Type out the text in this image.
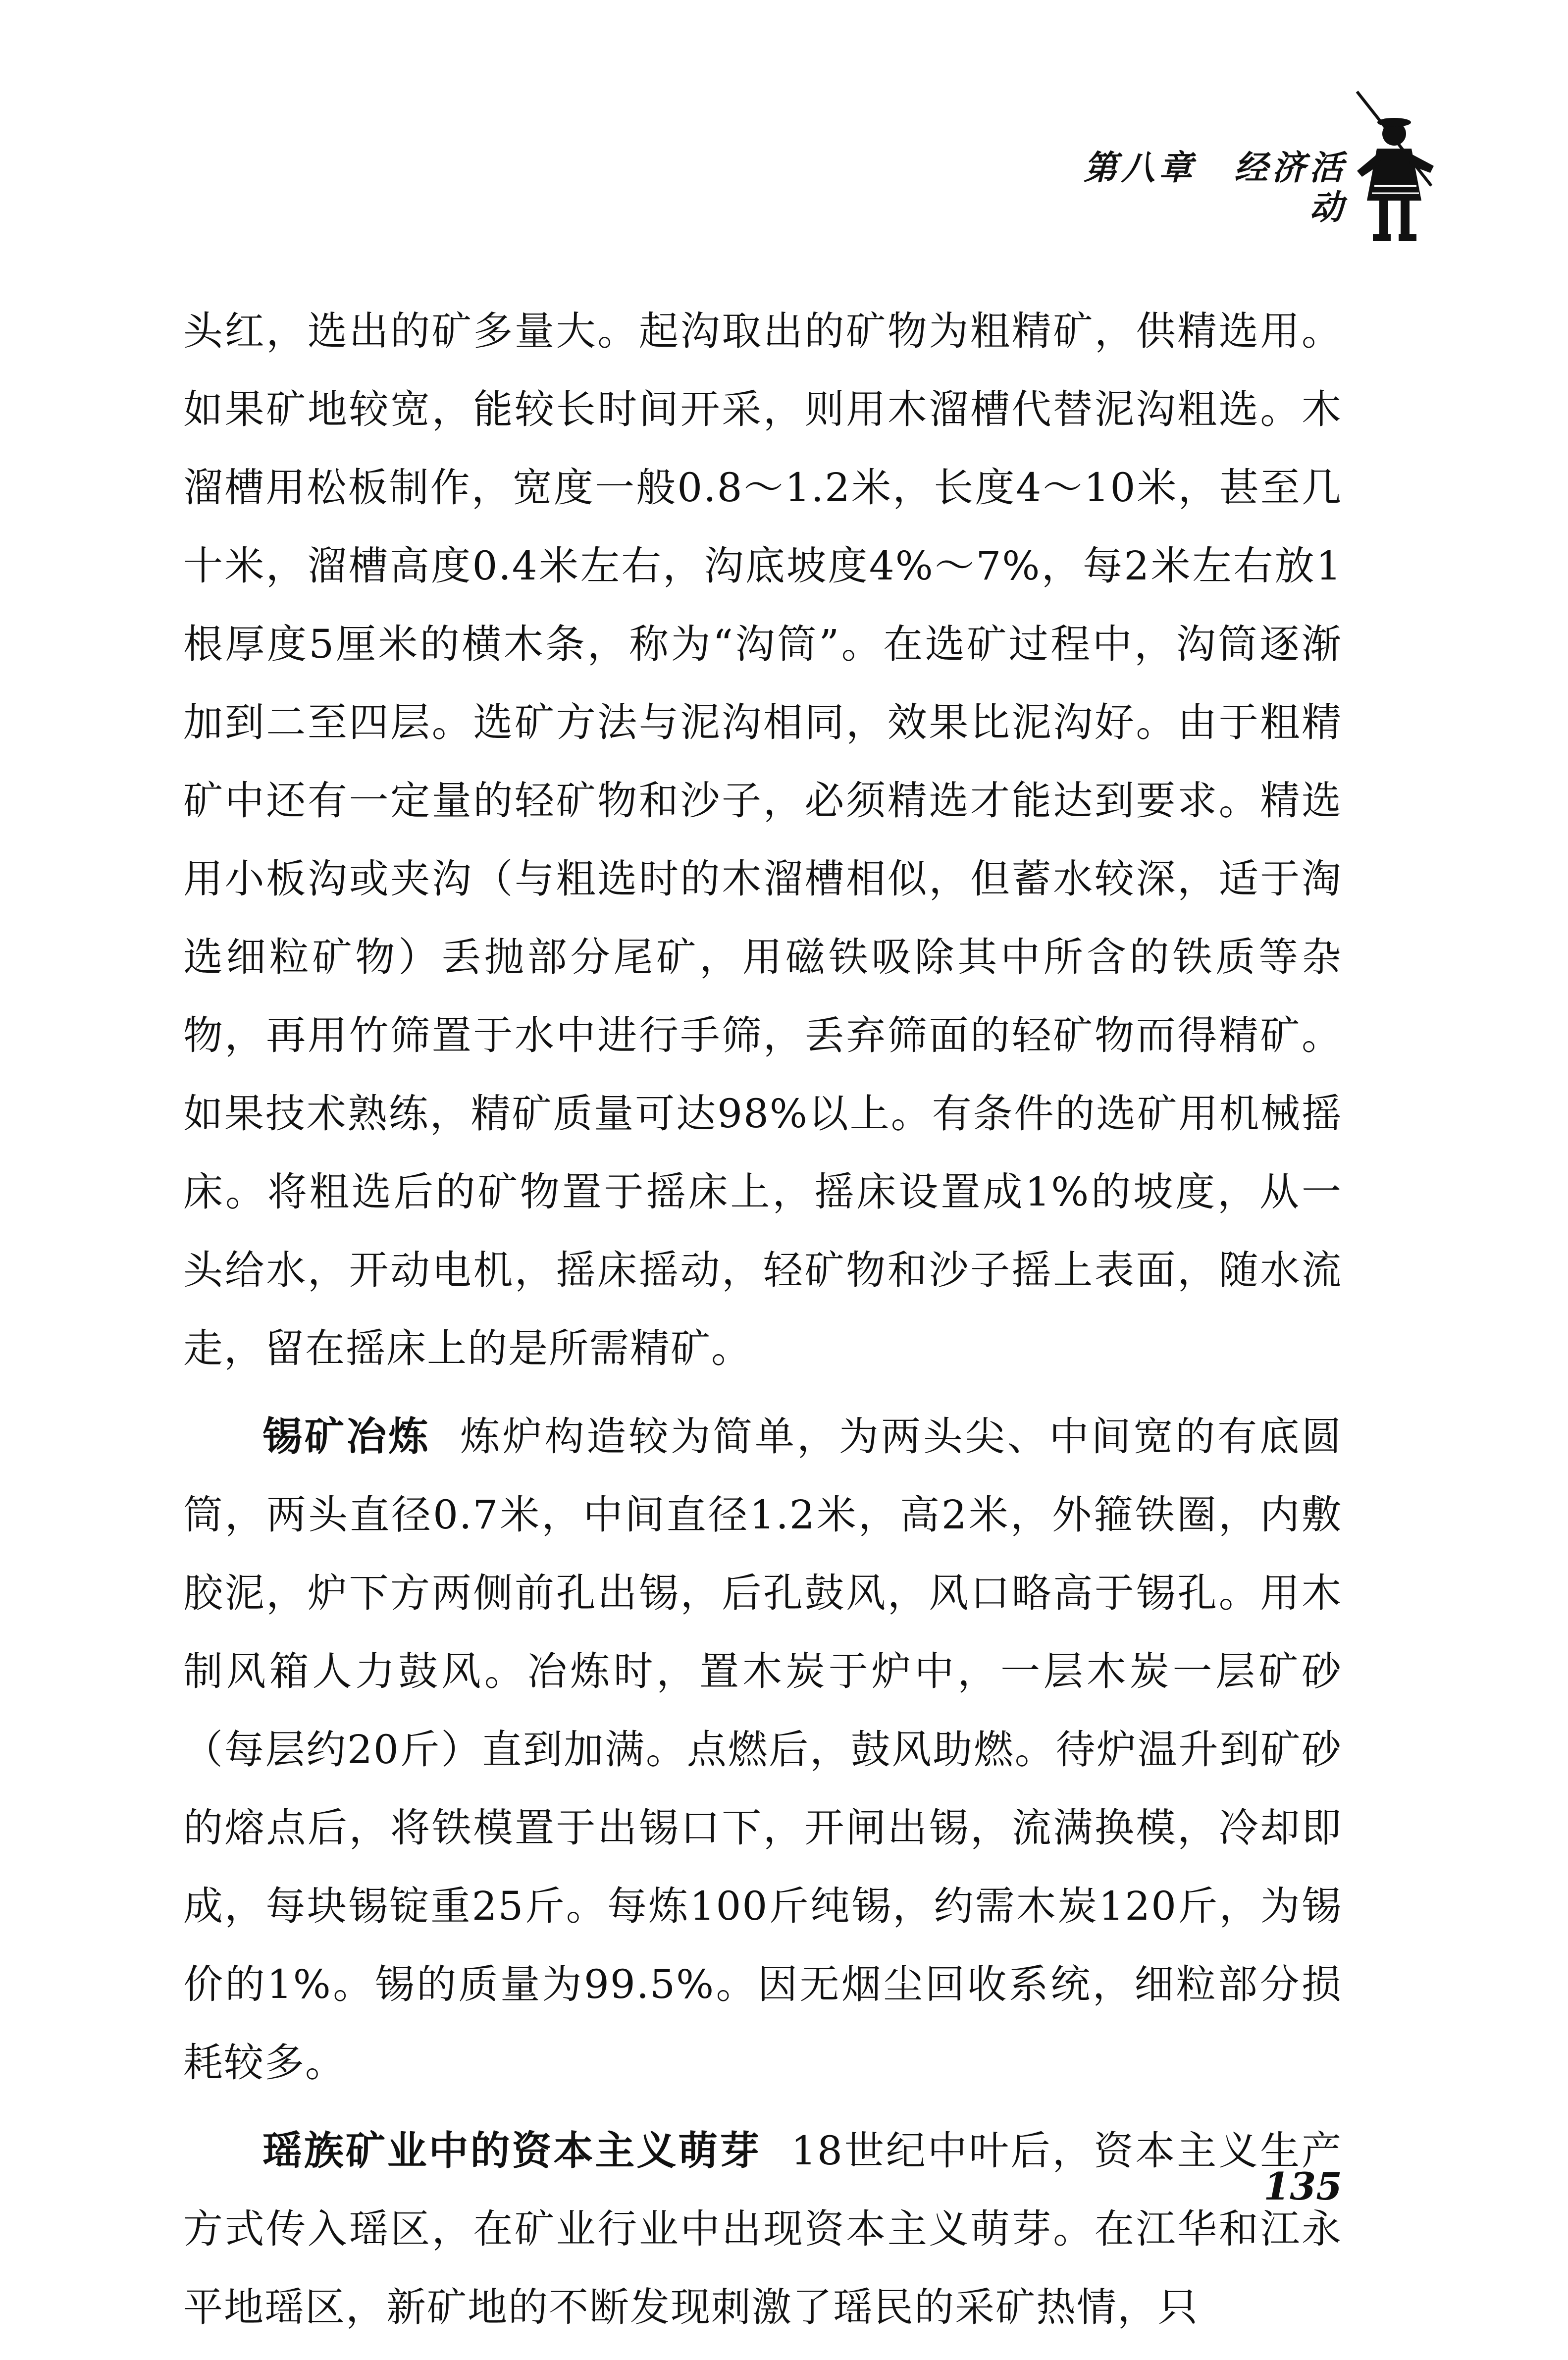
第八章　经济活动

头红，选出的矿多量大。起沟取出的矿物为粗精矿，供精选用。如果矿地较宽，能较长时间开采，则用木溜槽代替泥沟粗选。木溜槽用松板制作，宽度一般0.8～1.2米，长度4～10米，甚至几十米，溜槽高度0.4米左右，沟底坡度4%～7%，每2米左右放1根厚度5厘米的横木条，称为“沟筒”。在选矿过程中，沟筒逐渐加到二至四层。选矿方法与泥沟相同，效果比泥沟好。由于粗精矿中还有一定量的轻矿物和沙子，必须精选才能达到要求。精选用小板沟或夹沟（与粗选时的木溜槽相似，但蓄水较深，适于淘选细粒矿物）丢抛部分尾矿，用磁铁吸除其中所含的铁质等杂物，再用竹筛置于水中进行手筛，丢弃筛面的轻矿物而得精矿。如果技术熟练，精矿质量可达98%以上。有条件的选矿用机械摇床。将粗选后的矿物置于摇床上，摇床设置成1%的坡度，从一头给水，开动电机，摇床摇动，轻矿物和沙子摇上表面，随水流走，留在摇床上的是所需精矿。

锡矿冶炼 炼炉构造较为简单，为两头尖、中间宽的有底圆筒，两头直径0.7米，中间直径1.2米，高2米，外箍铁圈，内敷胶泥，炉下方两侧前孔出锡，后孔鼓风，风口略高于锡孔。用木制风箱人力鼓风。冶炼时，置木炭于炉中，一层木炭一层矿砂（每层约20斤）直到加满。点燃后，鼓风助燃。待炉温升到矿砂的熔点后，将铁模置于出锡口下，开闸出锡，流满换模，冷却即成，每块锡锭重25斤。每炼100斤纯锡，约需木炭120斤，为锡价的1%。锡的质量为99.5%。因无烟尘回收系统，细粒部分损耗较多。

瑶族矿业中的资本主义萌芽 18世纪中叶后，资本主义生产方式传入瑶区，在矿业行业中出现资本主义萌芽。在江华和江永平地瑶区，新矿地的不断发现刺激了瑶民的采矿热情，只

135
